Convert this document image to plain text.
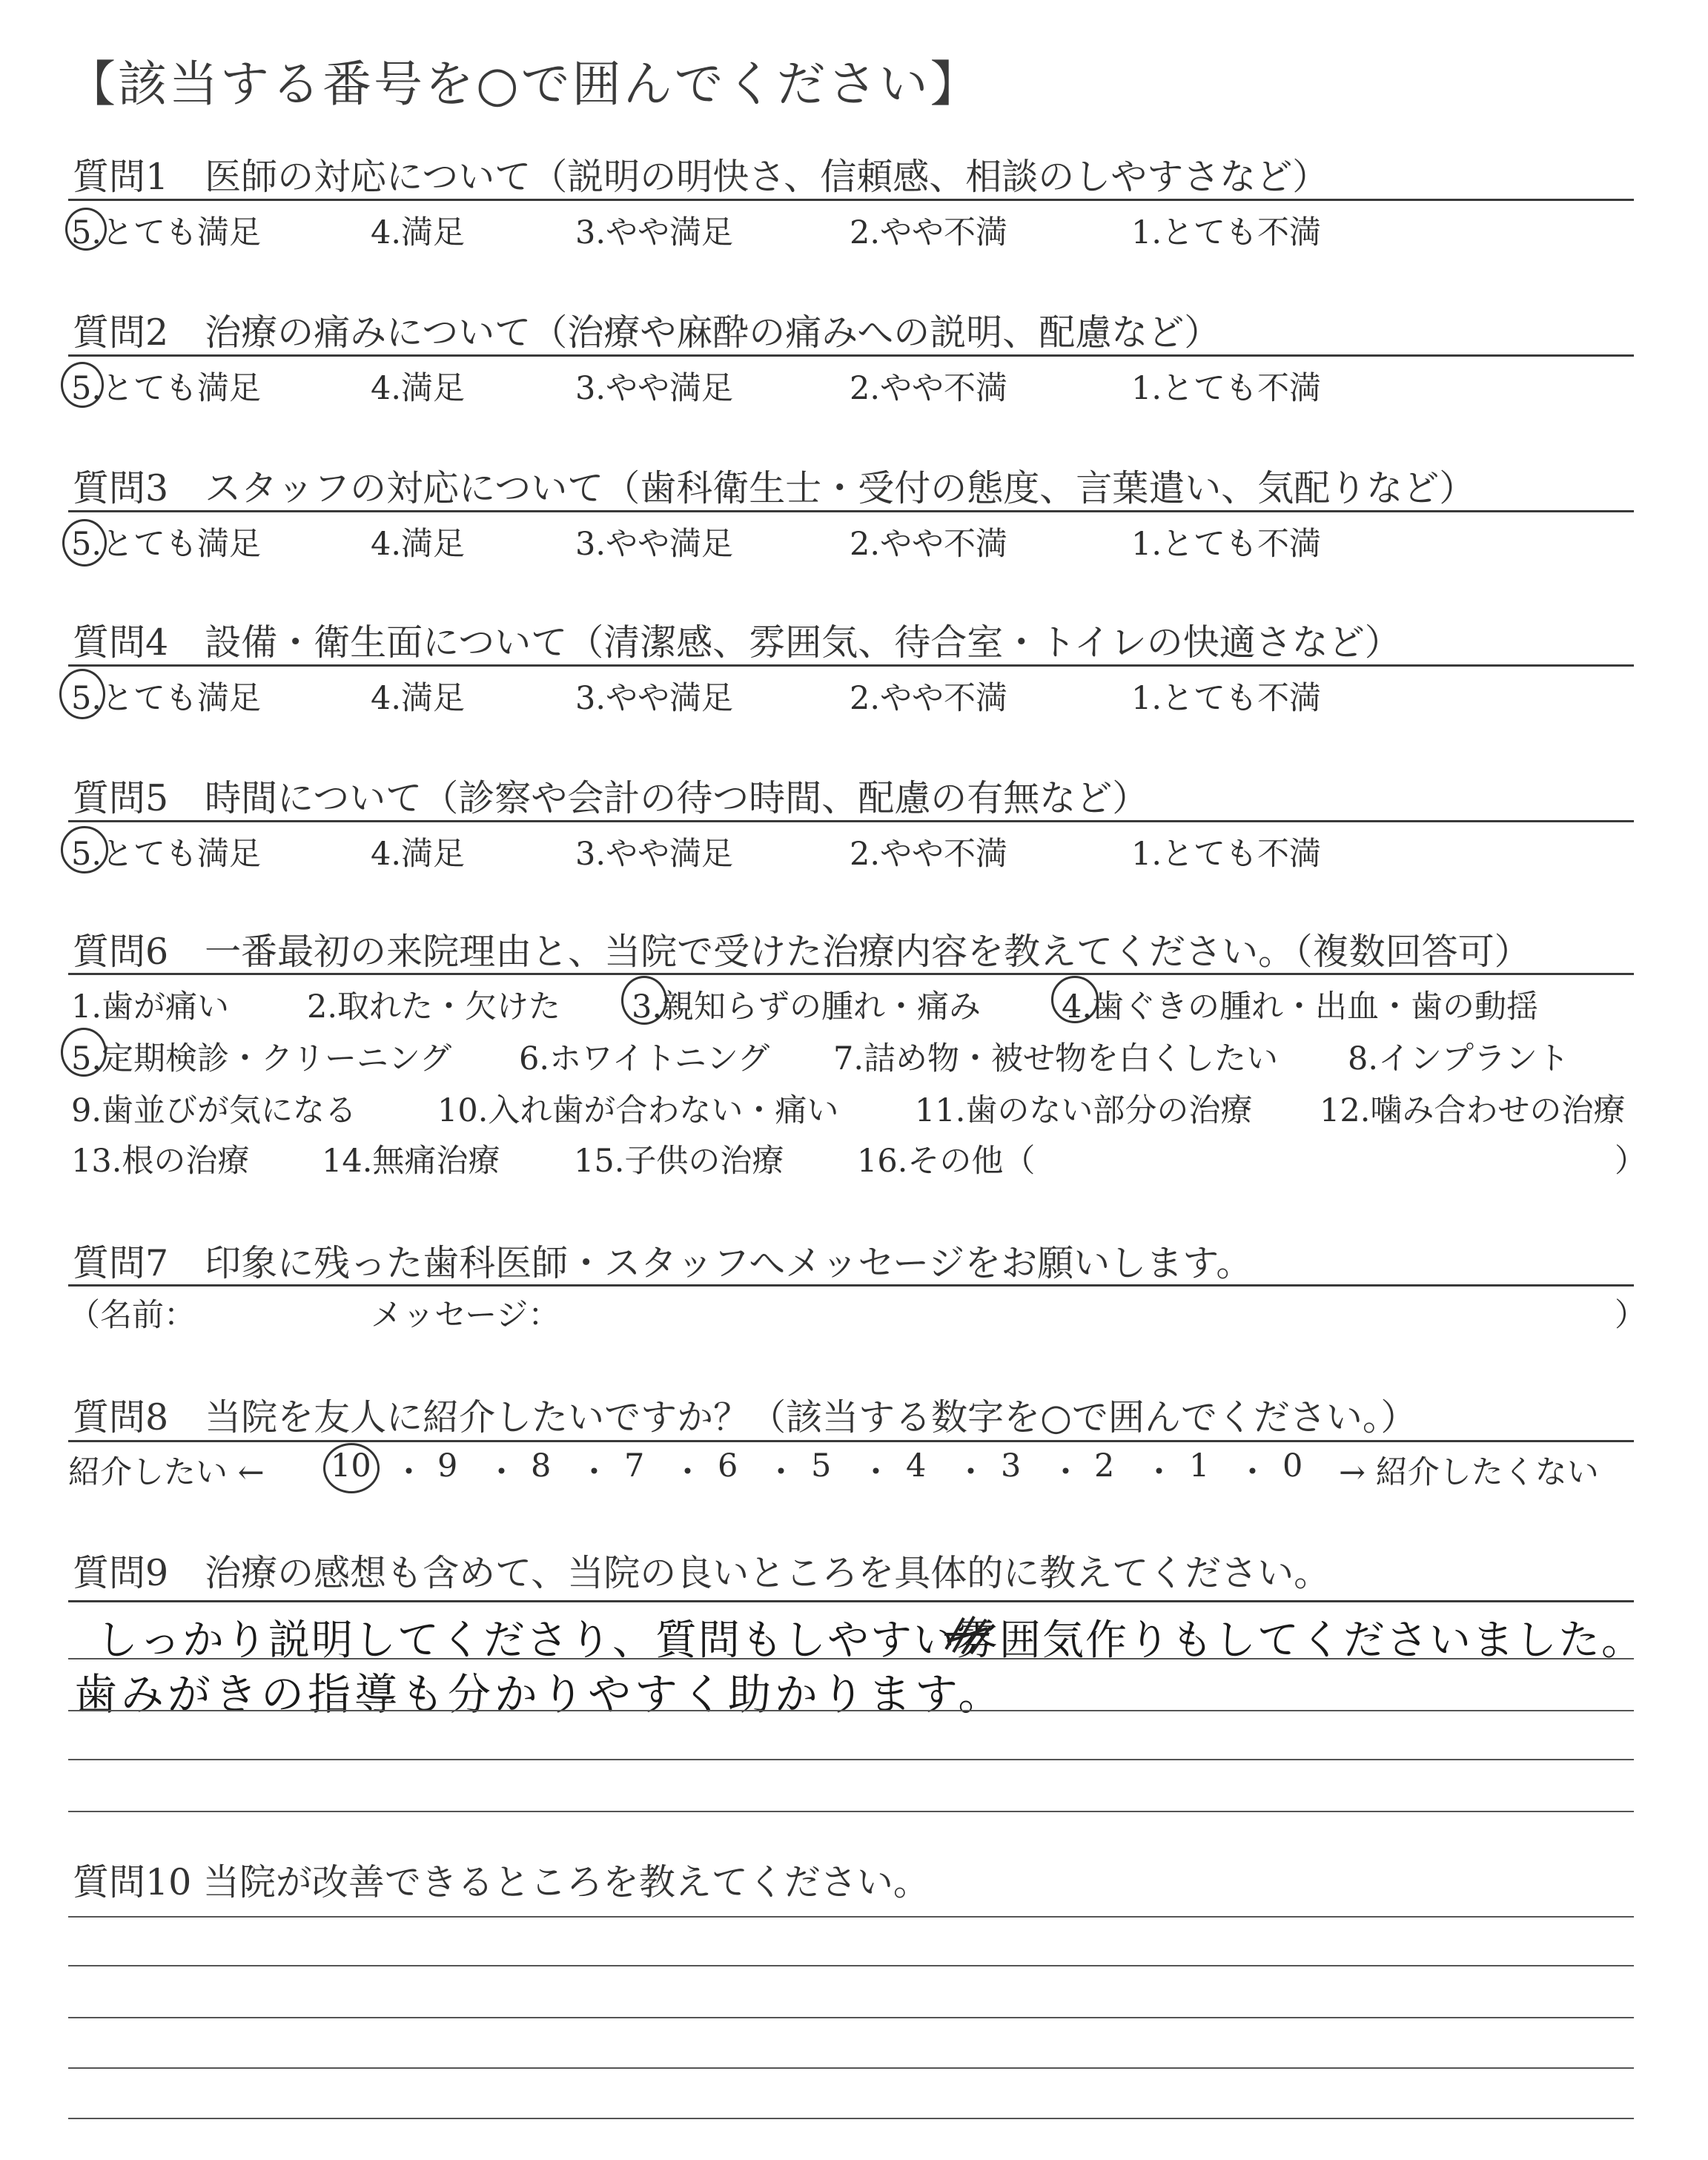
【該当する番号を○で囲んでください】
質問1　医師の対応について（説明の明快さ、信頼感、相談のしやすさなど）
5.とても満足	4.満足	3.やや満足	2.やや不満	1.とても不満
質問2　治療の痛みについて（治療や麻酔の痛みへの説明、配慮など）
5.とても満足	4.満足	3.やや満足	2.やや不満	1.とても不満
質問3　スタッフの対応について（歯科衛生士・受付の態度、言葉遣い、気配りなど）
5.とても満足	4.満足	3.やや満足	2.やや不満	1.とても不満
質問4　設備・衛生面について（清潔感、雰囲気、待合室・トイレの快適さなど）
5.とても満足	4.満足	3.やや満足	2.やや不満	1.とても不満
質問5　時間について（診察や会計の待つ時間、配慮の有無など）
5.とても満足	4.満足	3.やや満足	2.やや不満	1.とても不満
質問6　一番最初の来院理由と、当院で受けた治療内容を教えてください。（複数回答可）
1.歯が痛い 2.取れた・欠けた 3.親知らずの腫れ・痛み	4.歯ぐきの腫れ・出血・歯の動揺
5.定期検診・クリーニング 6.ホワイトニング 7.詰め物・被せ物を白くしたい 8.インプラント
9.歯並びが気になる	10.入れ歯が合わない・痛い 11.歯のない部分の治療 12.噛み合わせの治療
13.根の治療 14.無痛治療 15.子供の治療 16.その他（	）
質問7　印象に残った歯科医師・スタッフへメッセージをお願いします。
（名前：	メッセージ：	）
質問8　当院を友人に紹介したいですか？（該当する数字を○で囲んでください。）
紹介したい ← 10 ・ 9 ・ 8 ・ 7 ・ 6 ・ 5 ・ 4 ・ 3 ・ 2 ・ 1 ・ 0 → 紹介したくない
質問9　治療の感想も含めて、当院の良いところを具体的に教えてください。
しっかり説明してくださり、質問もしやすい雰囲気作りもしてくださいました。
歯みがきの指導も分かりやすく助かります。
質問10 当院が改善できるところを教えてください。
